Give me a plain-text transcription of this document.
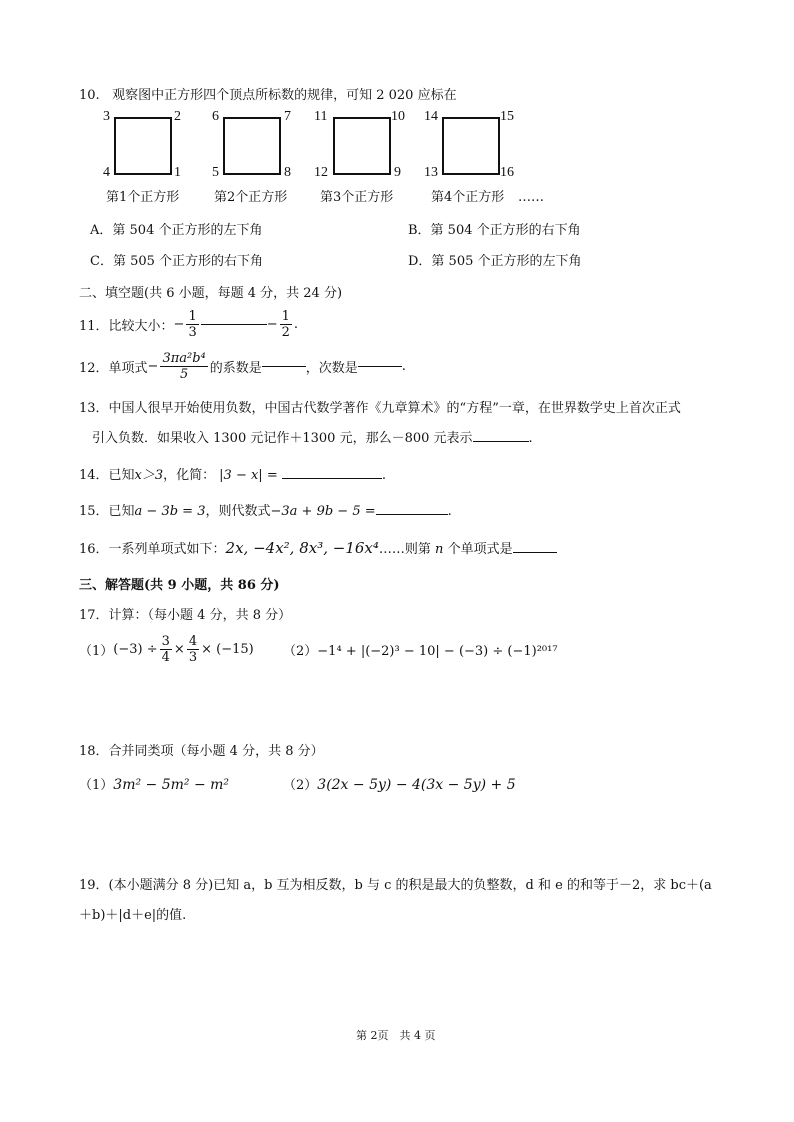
10. 观察图中正方形四个顶点所标数的规律，可知 2 020 应标在
3	2
4	1
第1个正方形
6	7
5	8
第2个正方形
11	10
12	9
第3个正方形
14	15
13	16
第4个正方形 ……
A．第 504 个正方形的左下角	B．第 504 个正方形的右下角
C．第 505 个正方形的右下角	D．第 505 个正方形的左下角
二、填空题(共 6 小题，每题 4 分，共 24 分)
11．比较大小：− $\frac{1}{3}$	− $\frac{1}{2}$ .
12．单项式− $\frac{\text{3πa²b⁴}}{5}$ 的系数是	，次数是	.
13．中国人很早开始使用负数，中国古代数学著作《九章算术》的“方程”一章，在世界数学史上首次正式
引入负数．如果收入 1300 元记作＋1300 元，那么－800 元表示	.
14．已知x＞3，化简： |3 − x| =	.
15．已知a − 3b = 3，则代数式−3a + 9b − 5 =	.
16．一系列单项式如下：2x, −4x², 8x³, −16x⁴……则第 n 个单项式是
三、解答题(共 9 小题，共 86 分)
17．计算：（每小题 4 分，共 8 分）
$(1)(-3) \div \frac{3}{4} \times \frac{4}{3} \times (-15) (2)-1^4 + |(-2)^3 - 10| - (-3) \div (-1)^{2017}$
18．合并同类项（每小题 4 分，共 8 分）
（1）3m² − 5m² − m²	（2）3(2x − 5y) − 4(3x − 5y) + 5
19．(本小题满分 8 分)已知 a，b 互为相反数，b 与 c 的积是最大的负整数，d 和 e 的和等于－2，求 bc＋(a
＋b)＋|d＋e|的值.
第 2页　共 4 页
